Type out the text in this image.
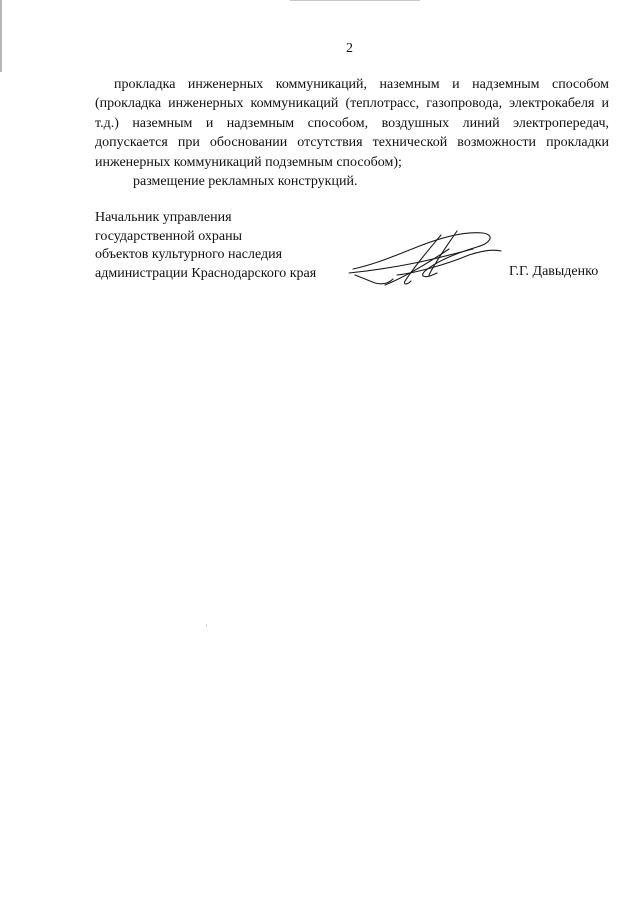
2

прокладка инженерных коммуникаций, наземным и надземным способом (прокладка инженерных коммуникаций (теплотрасс, газопровода, электрокабеля и т.д.) наземным и надземным способом, воздушных линий электропередач, допускается при обосновании отсутствия технической возможности прокладки инженерных коммуникаций подземным способом);

размещение рекламных конструкций.

Начальник управления
государственной охраны
объектов культурного наследия
администрации Краснодарского края	Г.Г. Давыденко
